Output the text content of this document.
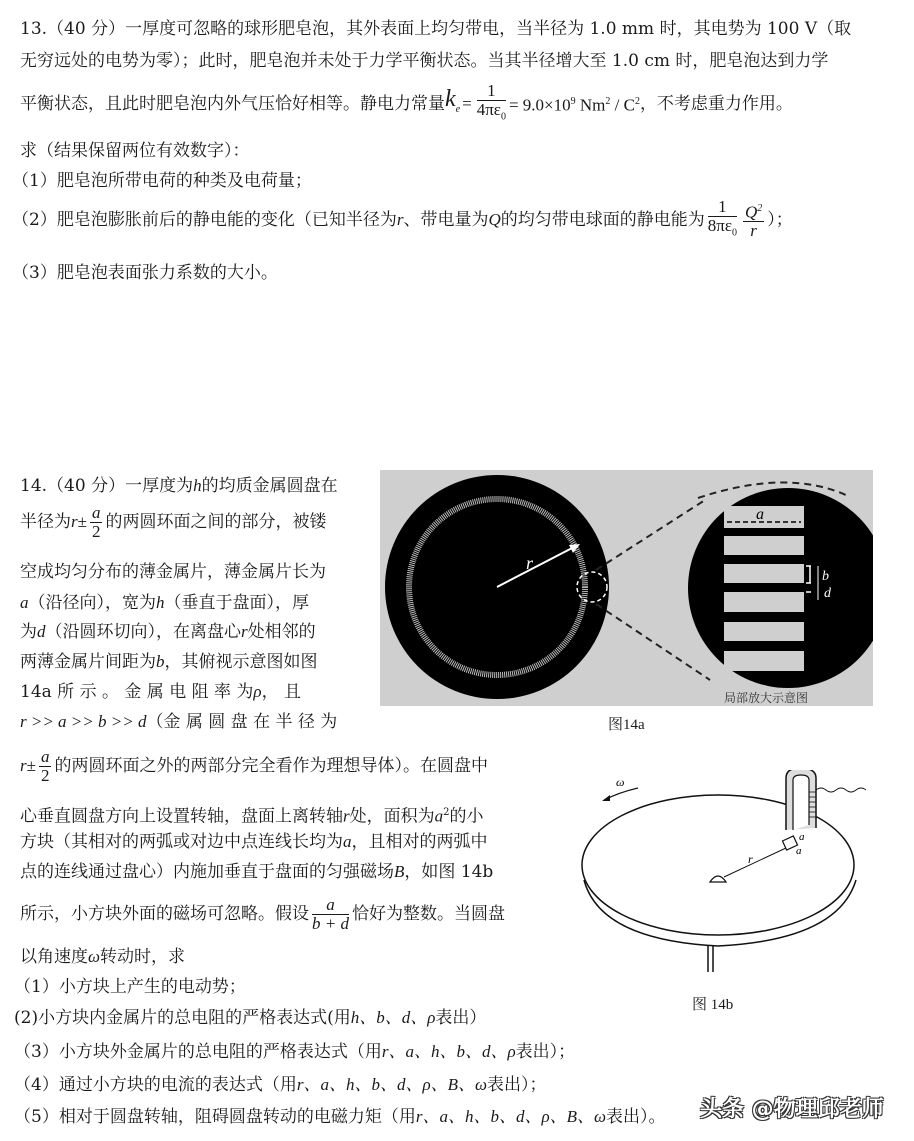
13.（40 分）一厚度可忽略的球形肥皂泡，其外表面上均匀带电，当半径为 1.0 mm 时，其电势为 100 V（取
无穷远处的电势为零）；此时，肥皂泡并未处于力学平衡状态。当其半径增大至 1.0 cm 时，肥皂泡达到力学
平衡状态，且此时肥皂泡内外气压恰好相等。静电力常量 $k_e = \frac{1}{4\pi\varepsilon_0} = 9.0\times 10^9$ $Nm^2 / C^2$ ，不考虑重力作用。
求（结果保留两位有效数字）：
（1）肥皂泡所带电荷的种类及电荷量；
（2）肥皂泡膨胀前后的静电能的变化（已知半径为 r 、带电量为 Q 的均匀带电球面的静电能为 $\frac{1}{8\pi\varepsilon_0} \frac{Q^2}{r}$ ）；
（3）肥皂泡表面张力系数的大小。
14.（40 分）一厚度为h的均质金属圆盘在
半径为 $r \pm \frac{a}{2}$ 的两圆环面之间的部分，被镂
空成均匀分布的薄金属片，薄金属片长为
a（沿径向），宽为h（垂直于盘面），厚
为d（沿圆环切向），在离盘心r处相邻的
两薄金属片间距为b，其俯视示意图如图
14a 所 示 。 金 属 电 阻 率 为ρ， 且
r >> a >> b >> d（金 属 圆 盘 在 半 径 为
$r \pm \frac{a}{2}$ 的两圆环面之外的两部分完全看作为理想导体）。在圆盘中
心垂直圆盘方向上设置转轴，盘面上离转轴r处，面积为$a^2$的小
方块（其相对的两弧或对边中点连线长均为a，且相对的两弧中
点的连线通过盘心）内施加垂直于盘面的匀强磁场B，如图 14b
所示，小方块外面的磁场可忽略。假设 $\frac{a}{b + d}$ 恰好为整数。当圆盘
以角速度ω转动时，求
（1）小方块上产生的电动势；
(2)小方块内金属片的总电阻的严格表达式(用h、b、d、ρ表出）
（3）小方块外金属片的总电阻的严格表达式（用r、a、h、b、d、ρ表出）；
（4）通过小方块的电流的表达式（用r、a、h、b、d、ρ、B、ω表出）；
（5）相对于圆盘转轴，阻碍圆盘转动的电磁力矩（用r、a、h、b、d、ρ、B、ω表出）。
r
a
b
d
局部放大示意图
图14a
r
a
a
ω
图 14b
头条 @物理邱老师
